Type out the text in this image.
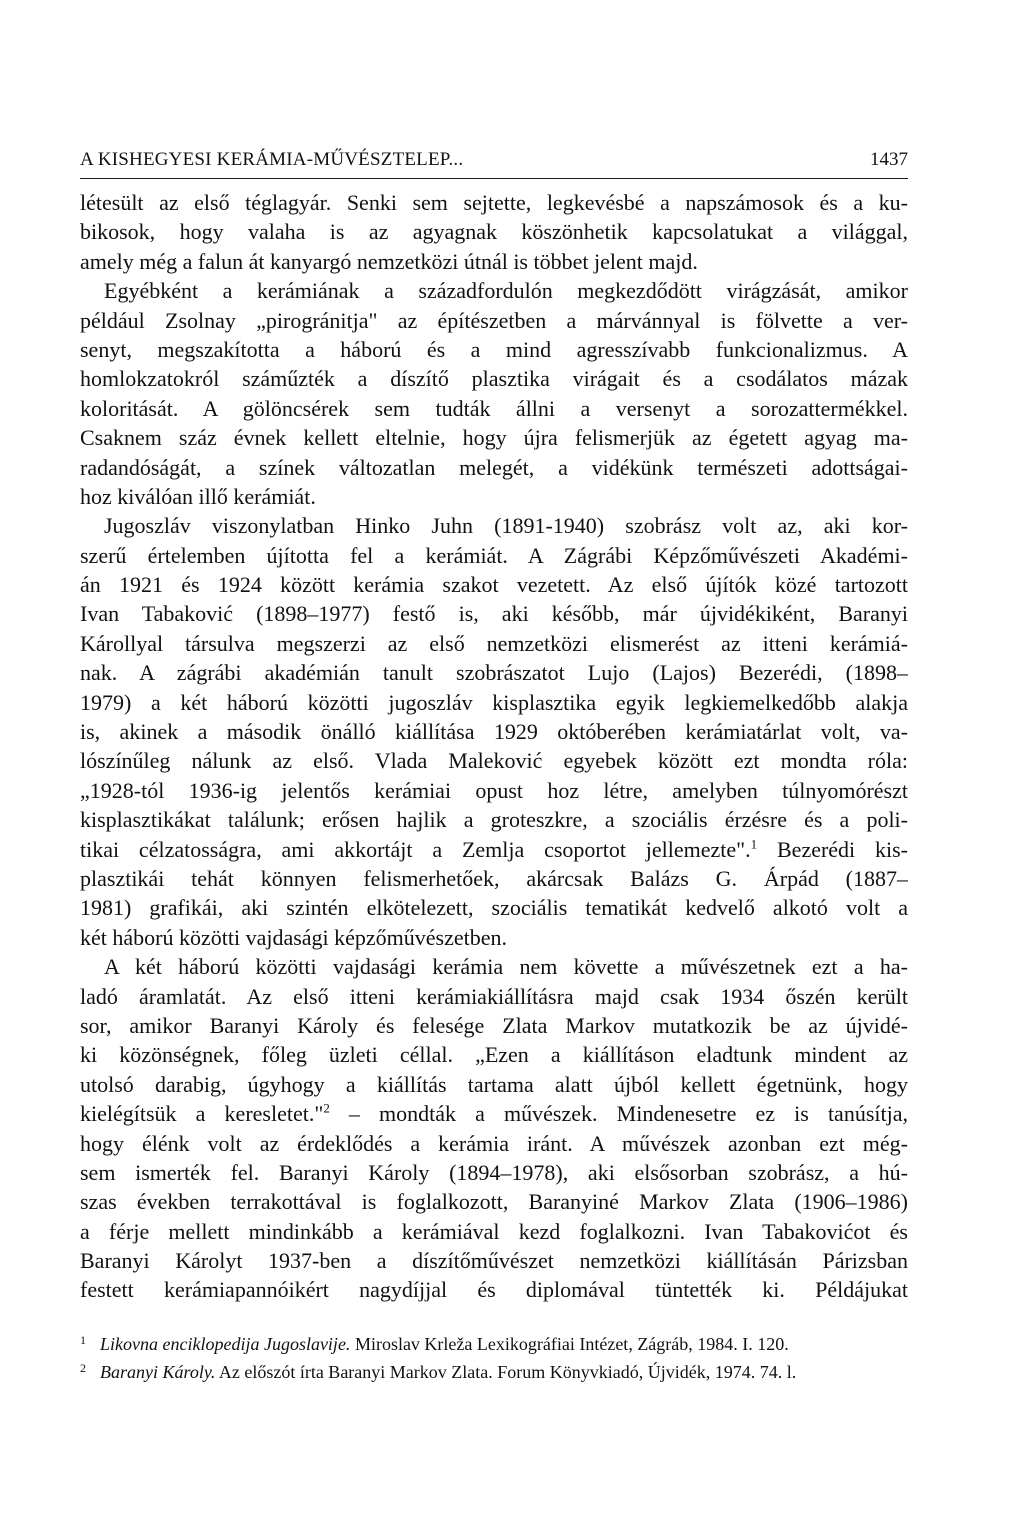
A KISHEGYESI KERÁMIA-MŰVÉSZTELEP...	1437
létesült az első téglagyár. Senki sem sejtette, legkevésbé a napszámosok és a ku-
bikosok, hogy valaha is az agyagnak köszönhetik kapcsolatukat a világgal,
amely még a falun át kanyargó nemzetközi útnál is többet jelent majd.
Egyébként a kerámiának a századfordulón megkezdődött virágzását, amikor
például Zsolnay „pirogránitja" az építészetben a márvánnyal is fölvette a ver-
senyt, megszakította a háború és a mind agresszívabb funkcionalizmus. A
homlokzatokról száműzték a díszítő plasztika virágait és a csodálatos mázak
koloritását. A gölöncsérek sem tudták állni a versenyt a sorozattermékkel.
Csaknem száz évnek kellett eltelnie, hogy újra felismerjük az égetett agyag ma-
radandóságát, a színek változatlan melegét, a vidékünk természeti adottságai-
hoz kiválóan illő kerámiát.
Jugoszláv viszonylatban Hinko Juhn (1891-1940) szobrász volt az, aki kor-
szerű értelemben újította fel a kerámiát. A Zágrábi Képzőművészeti Akadémi-
án 1921 és 1924 között kerámia szakot vezetett. Az első újítók közé tartozott
Ivan Tabaković (1898–1977) festő is, aki később, már újvidékiként, Baranyi
Károllyal társulva megszerzi az első nemzetközi elismerést az itteni kerámiá-
nak. A zágrábi akadémián tanult szobrászatot Lujo (Lajos) Bezerédi, (1898–
1979) a két háború közötti jugoszláv kisplasztika egyik legkiemelkedőbb alakja
is, akinek a második önálló kiállítása 1929 októberében kerámiatárlat volt, va-
lószínűleg nálunk az első. Vlada Maleković egyebek között ezt mondta róla:
„1928-tól 1936-ig jelentős kerámiai opust hoz létre, amelyben túlnyomórészt
kisplasztikákat találunk; erősen hajlik a groteszkre, a szociális érzésre és a poli-
tikai célzatosságra, ami akkortájt a Zemlja csoportot jellemezte".$^1$ Bezerédi kis-
plasztikái tehát könnyen felismerhetőek, akárcsak Balázs G. Árpád (1887–
1981) grafikái, aki szintén elkötelezett, szociális tematikát kedvelő alkotó volt a
két háború közötti vajdasági képzőművészetben.
A két háború közötti vajdasági kerámia nem követte a művészetnek ezt a ha-
ladó áramlatát. Az első itteni kerámiakiállításra majd csak 1934 őszén került
sor, amikor Baranyi Károly és felesége Zlata Markov mutatkozik be az újvidé-
ki közönségnek, főleg üzleti céllal. „Ezen a kiállításon eladtunk mindent az
utolsó darabig, úgyhogy a kiállítás tartama alatt újból kellett égetnünk, hogy
kielégítsük a keresletet."$^2$ – mondták a művészek. Mindenesetre ez is tanúsítja,
hogy élénk volt az érdeklődés a kerámia iránt. A művészek azonban ezt még-
sem ismerték fel. Baranyi Károly (1894–1978), aki elsősorban szobrász, a hú-
szas években terrakottával is foglalkozott, Baranyiné Markov Zlata (1906–1986)
a férje mellett mindinkább a kerámiával kezd foglalkozni. Ivan Tabakovićot és
Baranyi Károlyt 1937-ben a díszítőművészet nemzetközi kiállításán Párizsban
festett kerámiapannóikért nagydíjjal és diplomával tüntették ki. Példájukat
1 Likovna enciklopedija Jugoslavije. Miroslav Krleža Lexikográfiai Intézet, Zágráb, 1984. I. 120.
2 Baranyi Károly. Az előszót írta Baranyi Markov Zlata. Forum Könyvkiadó, Újvidék, 1974. 74. l.
